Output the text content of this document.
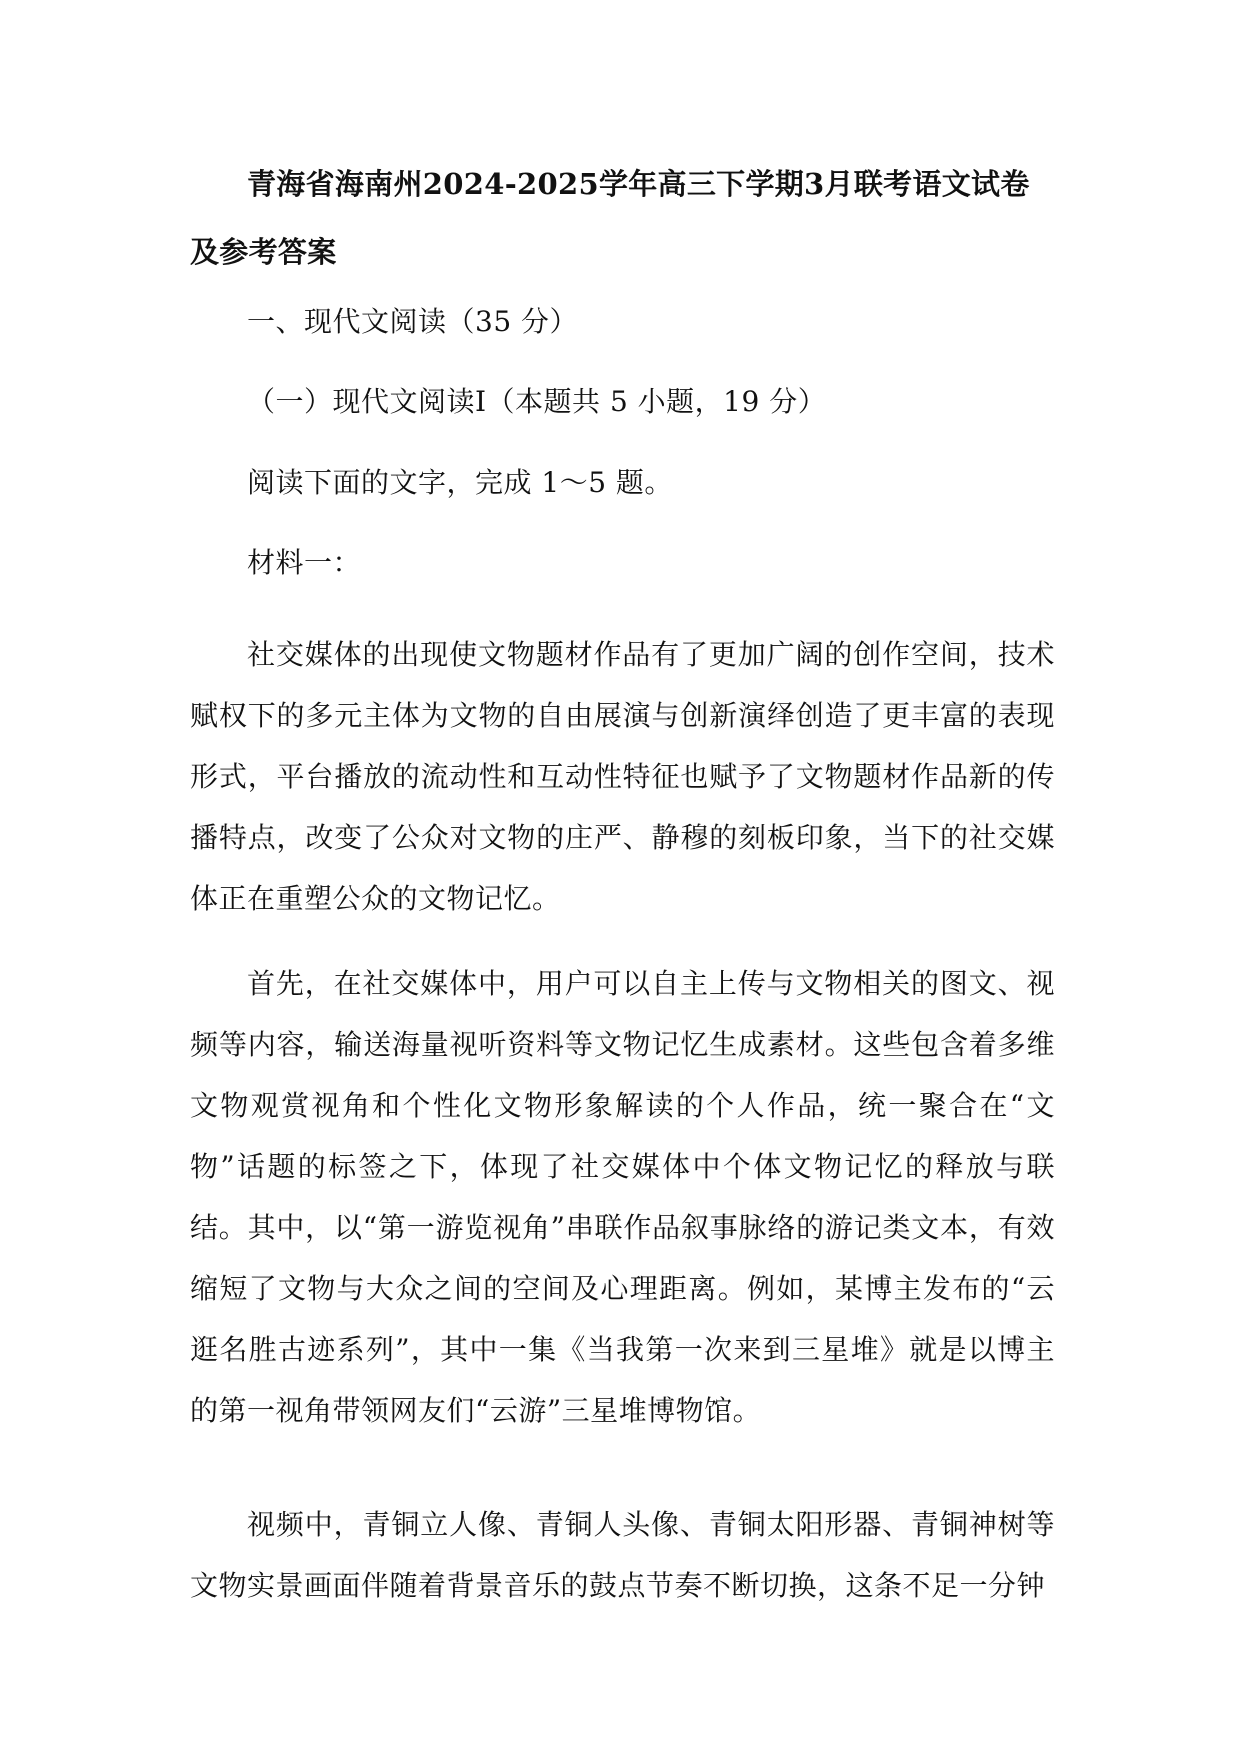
青海省海南州2024-2025学年高三下学期3月联考语文试卷及参考答案
一、现代文阅读（35 分）
（一）现代文阅读Ⅰ（本题共 5 小题，19 分）
阅读下面的文字，完成 1～5 题。
材料一：
社交媒体的出现使文物题材作品有了更加广阔的创作空间，技术赋权下的多元主体为文物的自由展演与创新演绎创造了更丰富的表现形式，平台播放的流动性和互动性特征也赋予了文物题材作品新的传播特点，改变了公众对文物的庄严、静穆的刻板印象，当下的社交媒体正在重塑公众的文物记忆。
首先，在社交媒体中，用户可以自主上传与文物相关的图文、视频等内容，输送海量视听资料等文物记忆生成素材。这些包含着多维文物观赏视角和个性化文物形象解读的个人作品，统一聚合在“文物”话题的标签之下，体现了社交媒体中个体文物记忆的释放与联结。其中，以“第一游览视角”串联作品叙事脉络的游记类文本，有效缩短了文物与大众之间的空间及心理距离。例如，某博主发布的“云逛名胜古迹系列”，其中一集《当我第一次来到三星堆》就是以博主的第一视角带领网友们“云游”三星堆博物馆。
视频中，青铜立人像、青铜人头像、青铜太阳形器、青铜神树等文物实景画面伴随着背景音乐的鼓点节奏不断切换，这条不足一分钟
